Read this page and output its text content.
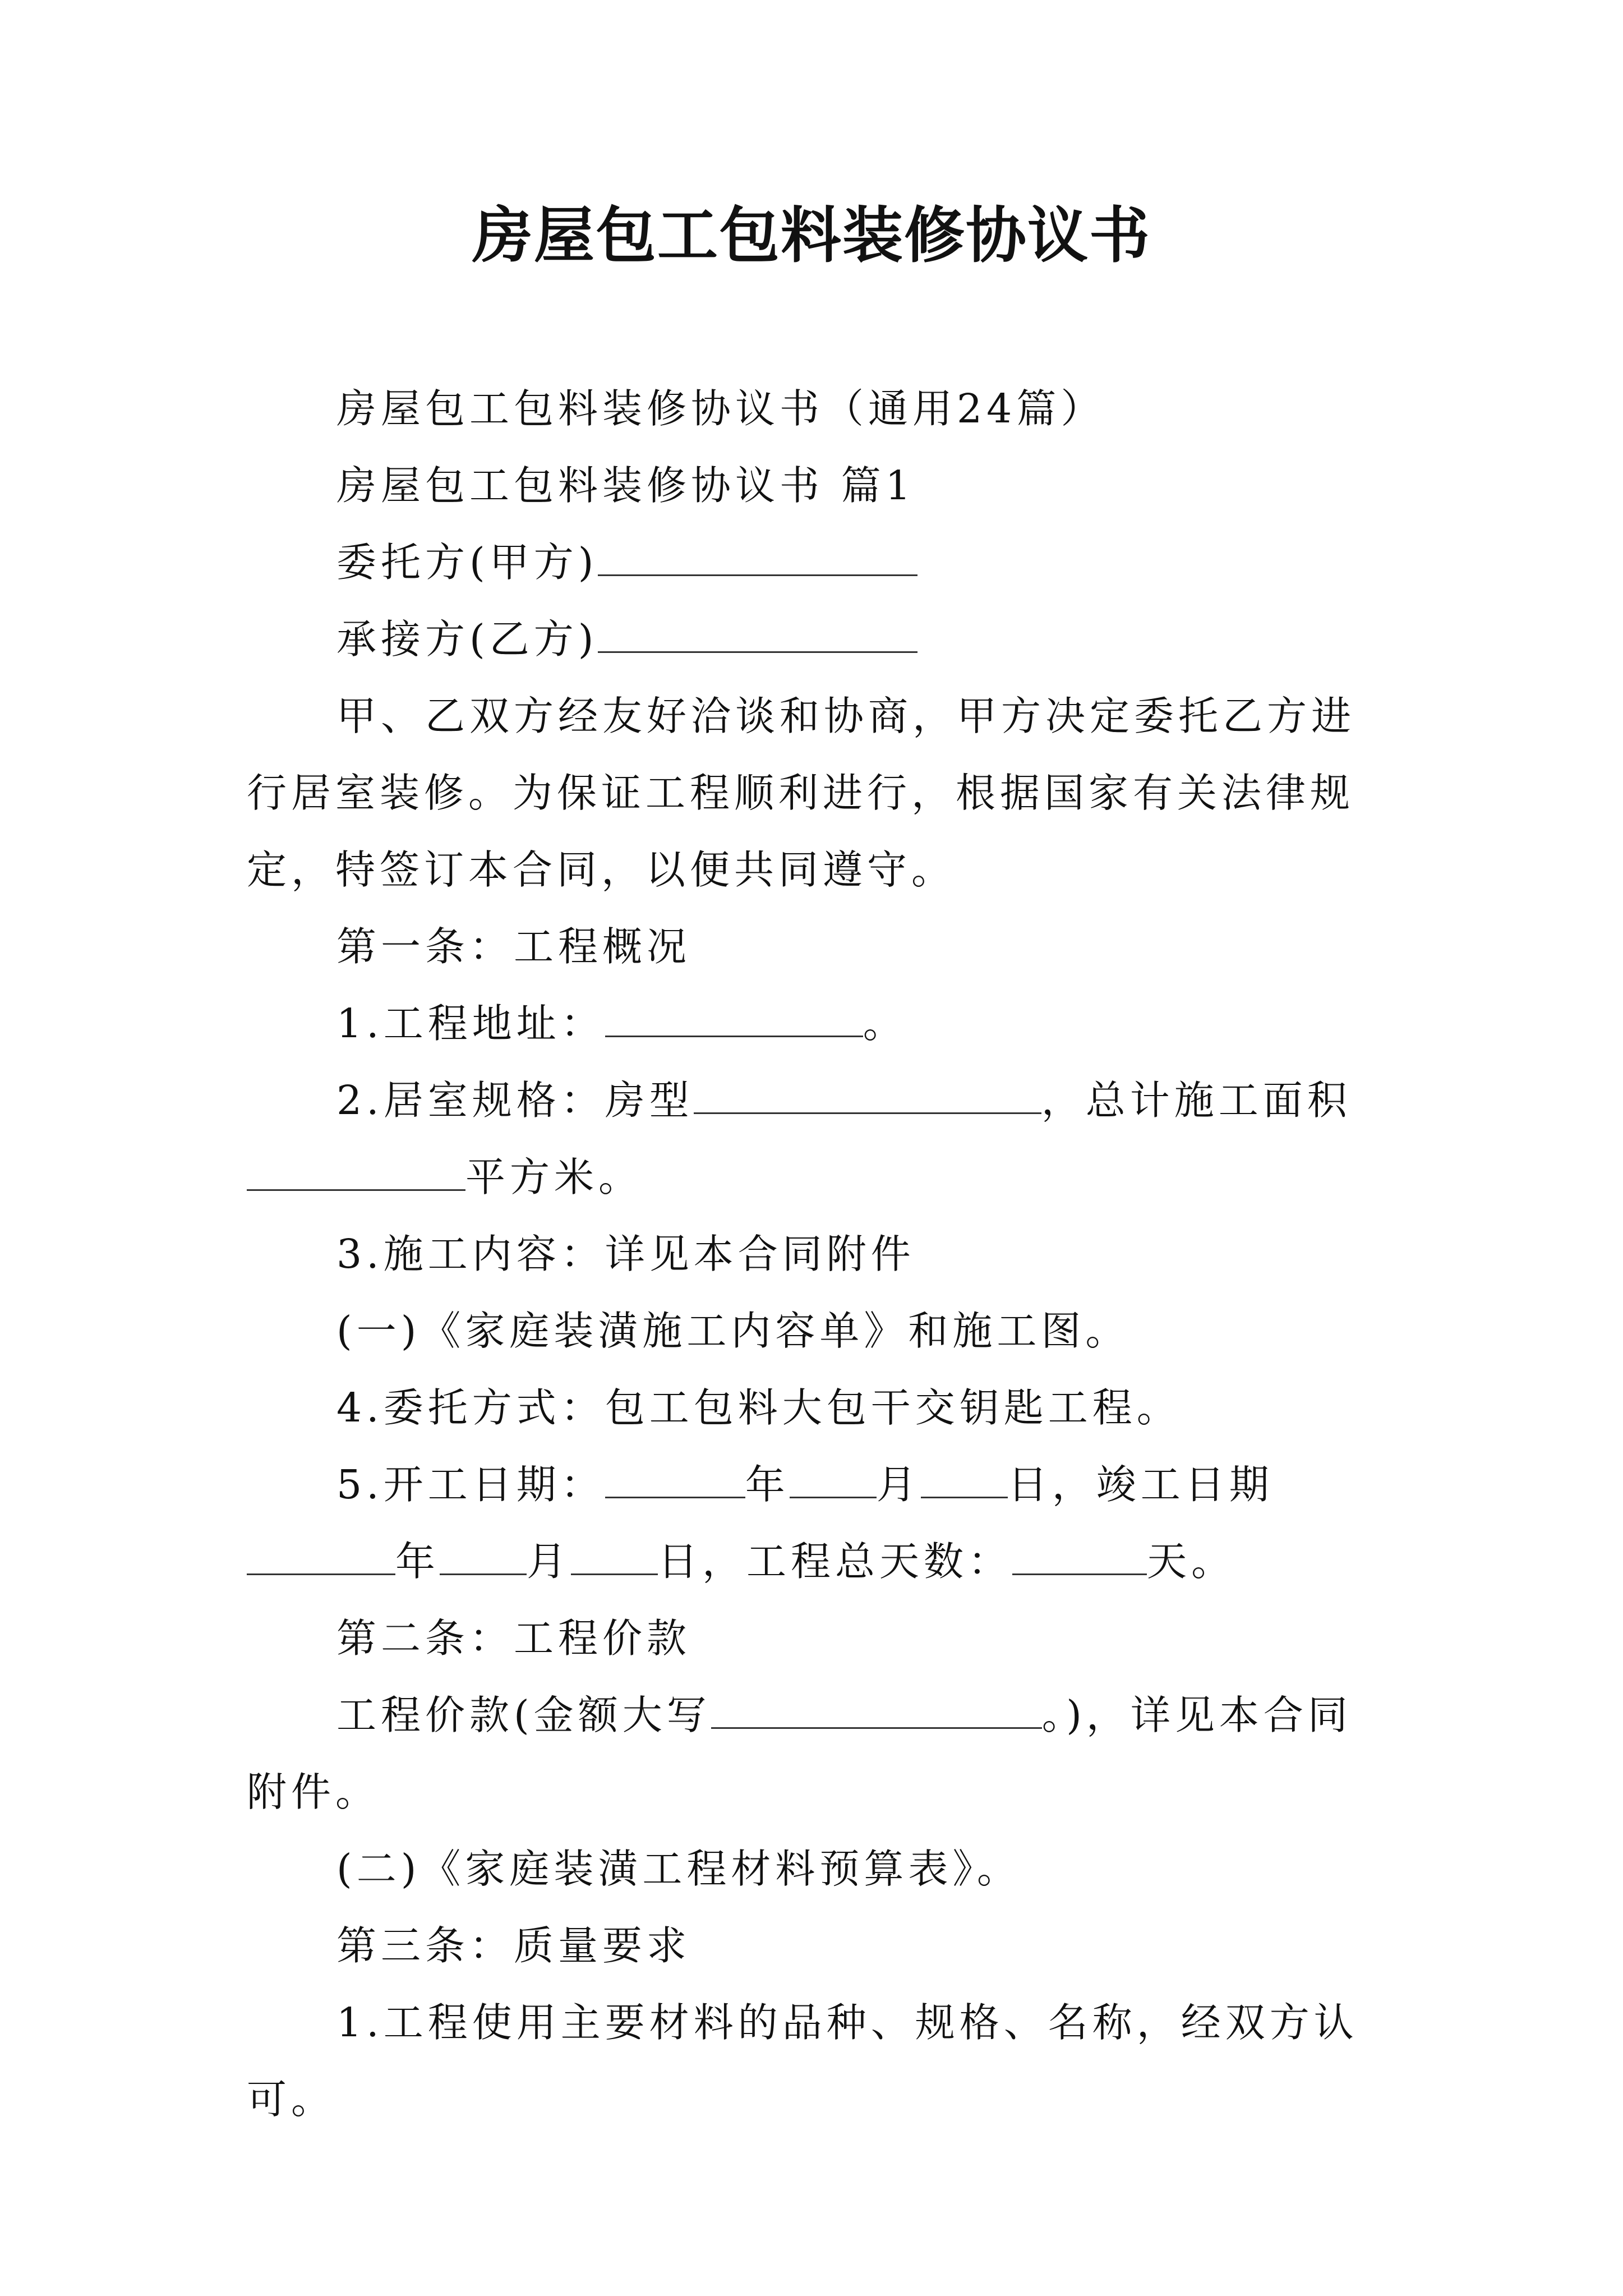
房屋包工包料装修协议书

房屋包工包料装修协议书（通用24篇）

房屋包工包料装修协议书 篇1

委托方(甲方)

承接方(乙方)

甲、乙双方经友好洽谈和协商，甲方决定委托乙方进行居室装修。为保证工程顺利进行，根据国家有关法律规定，特签订本合同，以便共同遵守。

第一条：工程概况

1.工程地址：	。

2.居室规格：房型	，总计施工面积平方米。

3.施工内容：详见本合同附件

(一)《家庭装潢施工内容单》和施工图。

4.委托方式：包工包料大包干交钥匙工程。

5.开工日期：	年 月 日，竣工日期年 月 日，工程总天数：	天。

第二条：工程价款

工程价款(金额大写	。)，详见本合同附件。

(二)《家庭装潢工程材料预算表》。

第三条：质量要求

1.工程使用主要材料的品种、规格、名称，经双方认可。
